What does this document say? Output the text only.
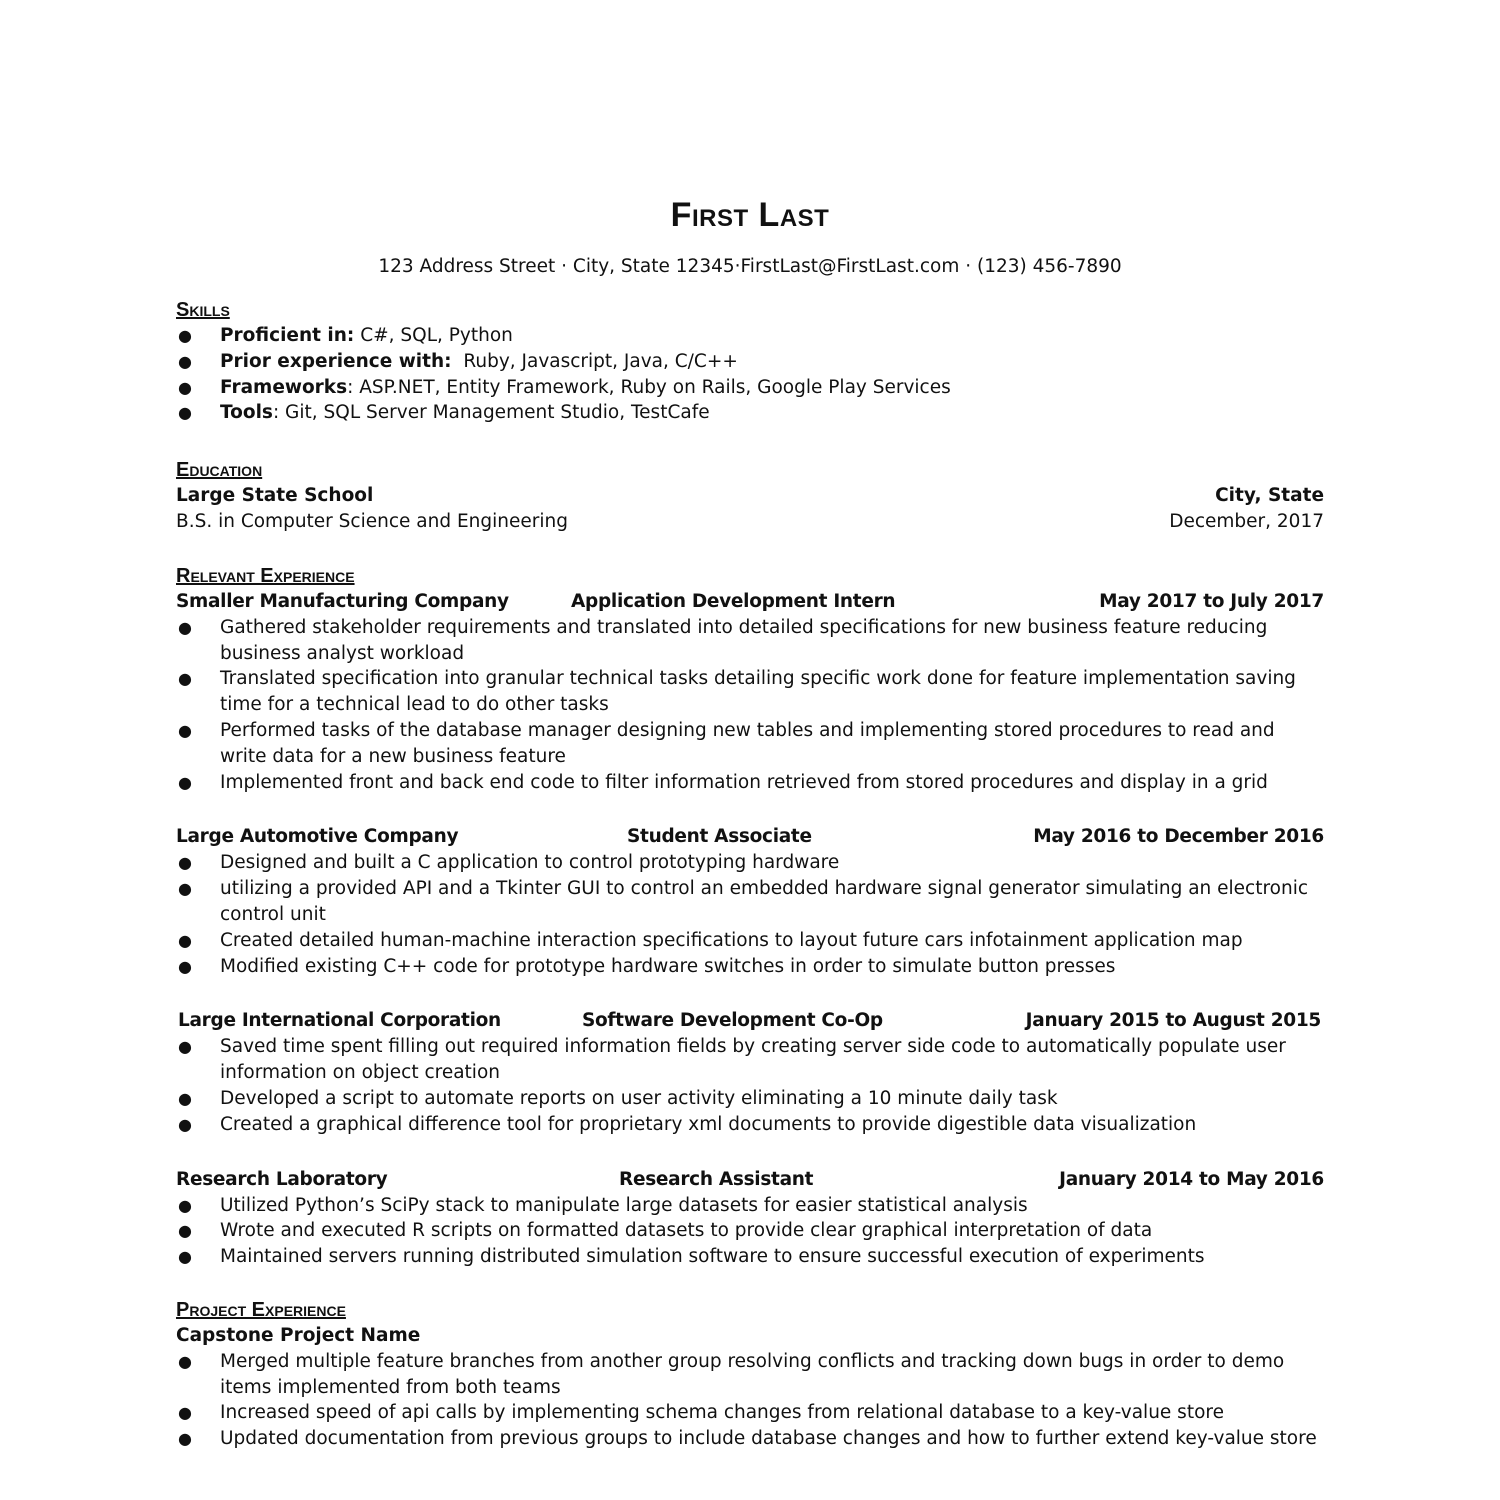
First Last
123 Address Street · City, State 12345·FirstLast@FirstLast.com · (123) 456-7890
Skills
● Proficient in: C#, SQL, Python
● Prior experience with:  Ruby, Javascript, Java, C/C++
● Frameworks: ASP.NET, Entity Framework, Ruby on Rails, Google Play Services
● Tools: Git, SQL Server Management Studio, TestCafe
Education
Large State School	City, State
B.S. in Computer Science and Engineering	December, 2017
Relevant Experience
Smaller Manufacturing Company	Application Development Intern	May 2017 to July 2017
● Gathered stakeholder requirements and translated into detailed specifications for new business feature reducing business analyst workload
● Translated specification into granular technical tasks detailing specific work done for feature implementation saving time for a technical lead to do other tasks
● Performed tasks of the database manager designing new tables and implementing stored procedures to read and write data for a new business feature
● Implemented front and back end code to filter information retrieved from stored procedures and display in a grid
Large Automotive Company	Student Associate	May 2016 to December 2016
● Designed and built a C application to control prototyping hardware
● utilizing a provided API and a Tkinter GUI to control an embedded hardware signal generator simulating an electronic control unit
● Created detailed human-machine interaction specifications to layout future cars infotainment application map
● Modified existing C++ code for prototype hardware switches in order to simulate button presses
Large International Corporation	Software Development Co-Op	January 2015 to August 2015
● Saved time spent filling out required information fields by creating server side code to automatically populate user information on object creation
● Developed a script to automate reports on user activity eliminating a 10 minute daily task
● Created a graphical difference tool for proprietary xml documents to provide digestible data visualization
Research Laboratory	Research Assistant	January 2014 to May 2016
● Utilized Python’s SciPy stack to manipulate large datasets for easier statistical analysis
● Wrote and executed R scripts on formatted datasets to provide clear graphical interpretation of data
● Maintained servers running distributed simulation software to ensure successful execution of experiments
Project Experience
Capstone Project Name
● Merged multiple feature branches from another group resolving conflicts and tracking down bugs in order to demo items implemented from both teams
● Increased speed of api calls by implementing schema changes from relational database to a key-value store
● Updated documentation from previous groups to include database changes and how to further extend key-value store
